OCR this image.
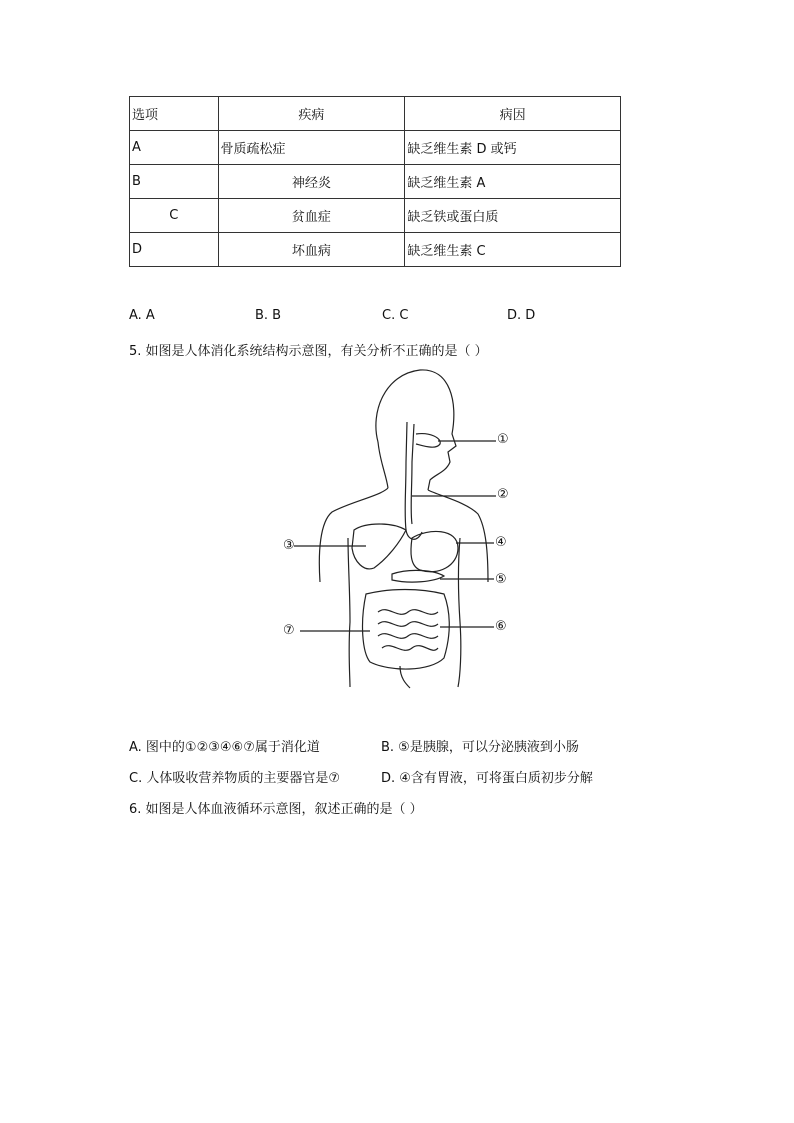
选项	疾病	病因
A	骨质疏松症	缺乏维生素 D 或钙
B	神经炎	缺乏维生素 A
C	贫血症	缺乏铁或蛋白质
D	坏血病	缺乏维生素 C
A. A	B. B	C. C	D. D
5. 如图是人体消化系统结构示意图，有关分析不正确的是（ ）
①
②
③	④
⑤
⑥
⑦
A. 图中的①②③④⑥⑦属于消化道	B. ⑤是胰腺，可以分泌胰液到小肠
C. 人体吸收营养物质的主要器官是⑦	D. ④含有胃液，可将蛋白质初步分解
6. 如图是人体血液循环示意图，叙述正确的是（ ）
